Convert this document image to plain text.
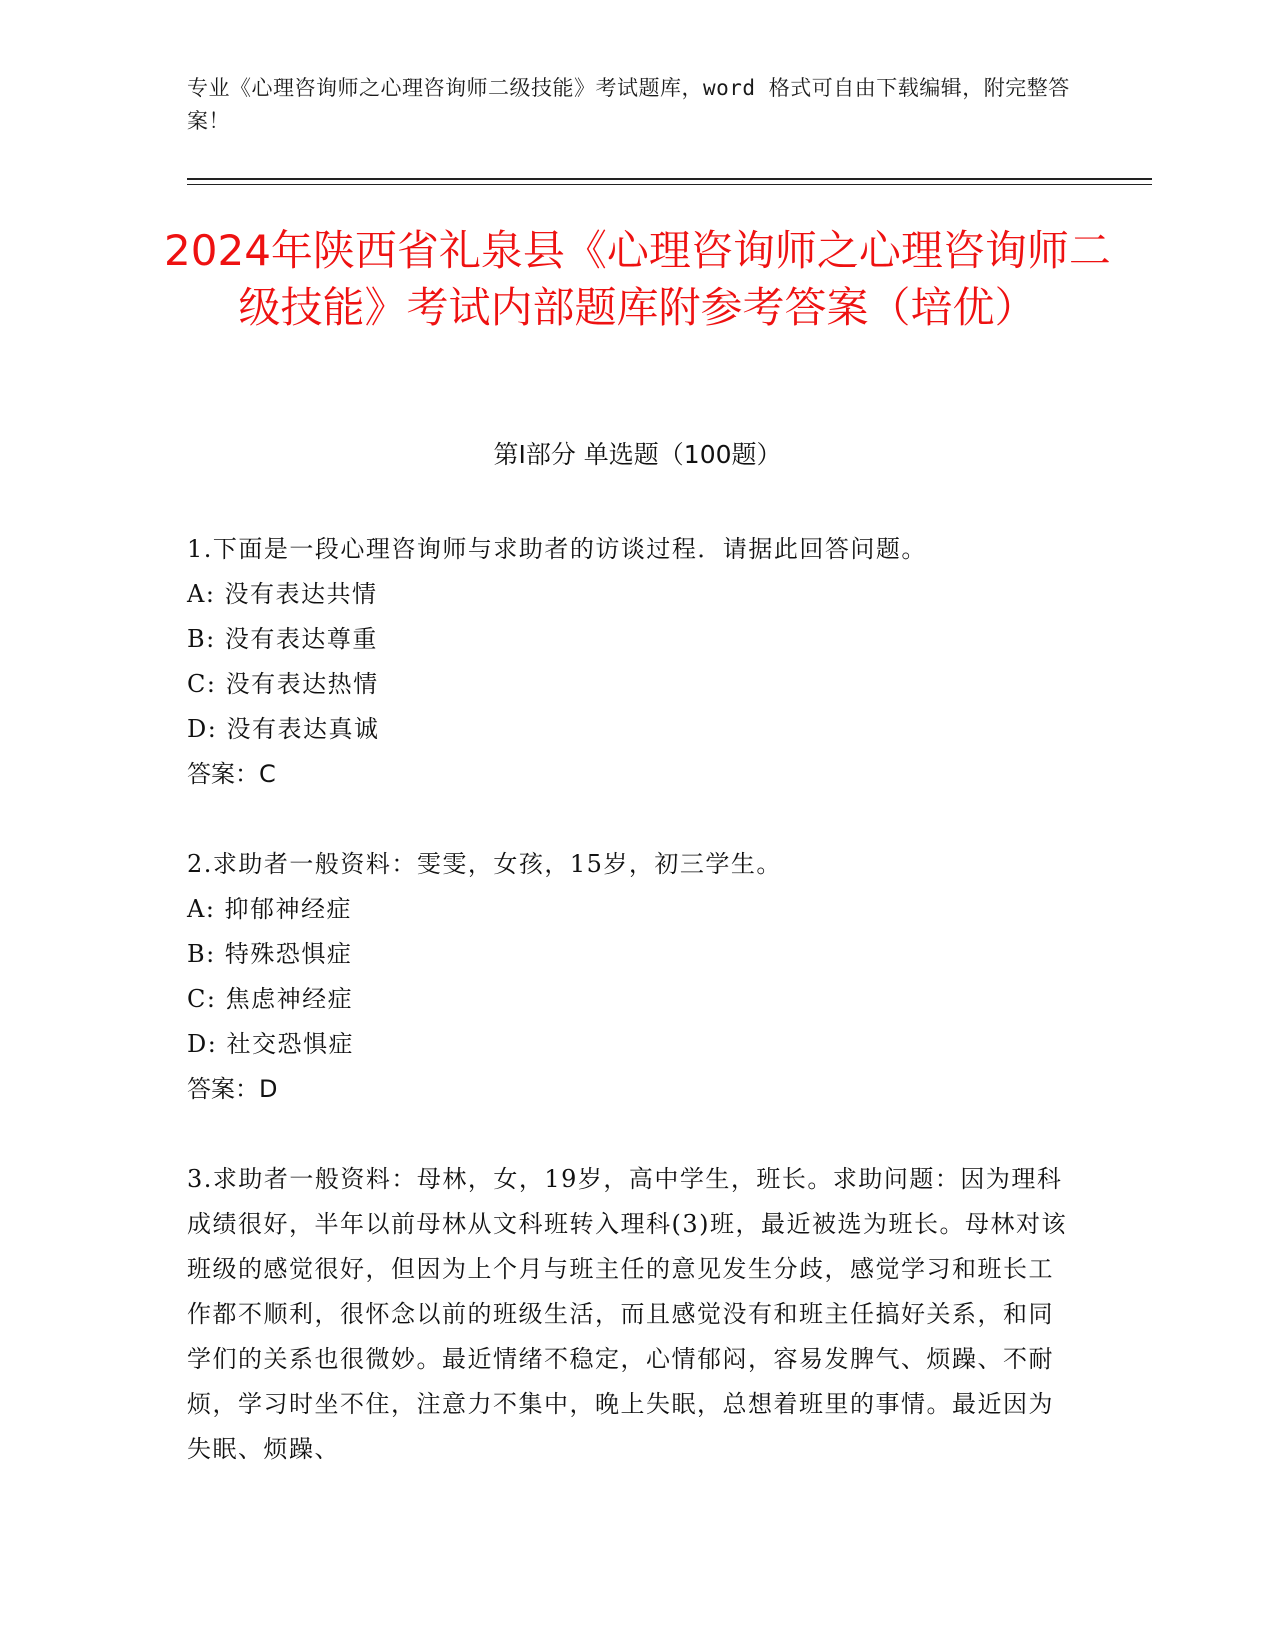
专业《心理咨询师之心理咨询师二级技能》考试题库，word 格式可自由下载编辑，附完整答案！
2024年陕西省礼泉县《心理咨询师之心理咨询师二级技能》考试内部题库附参考答案（培优）
第Ⅰ部分 单选题（100题）
1.下面是一段心理咨询师与求助者的访谈过程．请据此回答问题。
A: 没有表达共情
B: 没有表达尊重
C: 没有表达热情
D: 没有表达真诚
答案：C
2.求助者一般资料：雯雯，女孩，15岁，初三学生。
A: 抑郁神经症
B: 特殊恐惧症
C: 焦虑神经症
D: 社交恐惧症
答案：D
3.求助者一般资料：母林，女，19岁，高中学生，班长。求助问题：因为理科成绩很好，半年以前母林从文科班转入理科(3)班，最近被选为班长。母林对该班级的感觉很好，但因为上个月与班主任的意见发生分歧，感觉学习和班长工作都不顺利，很怀念以前的班级生活，而且感觉没有和班主任搞好关系，和同学们的关系也很微妙。最近情绪不稳定，心情郁闷，容易发脾气、烦躁、不耐烦，学习时坐不住，注意力不集中，晚上失眠，总想着班里的事情。最近因为失眠、烦躁、
